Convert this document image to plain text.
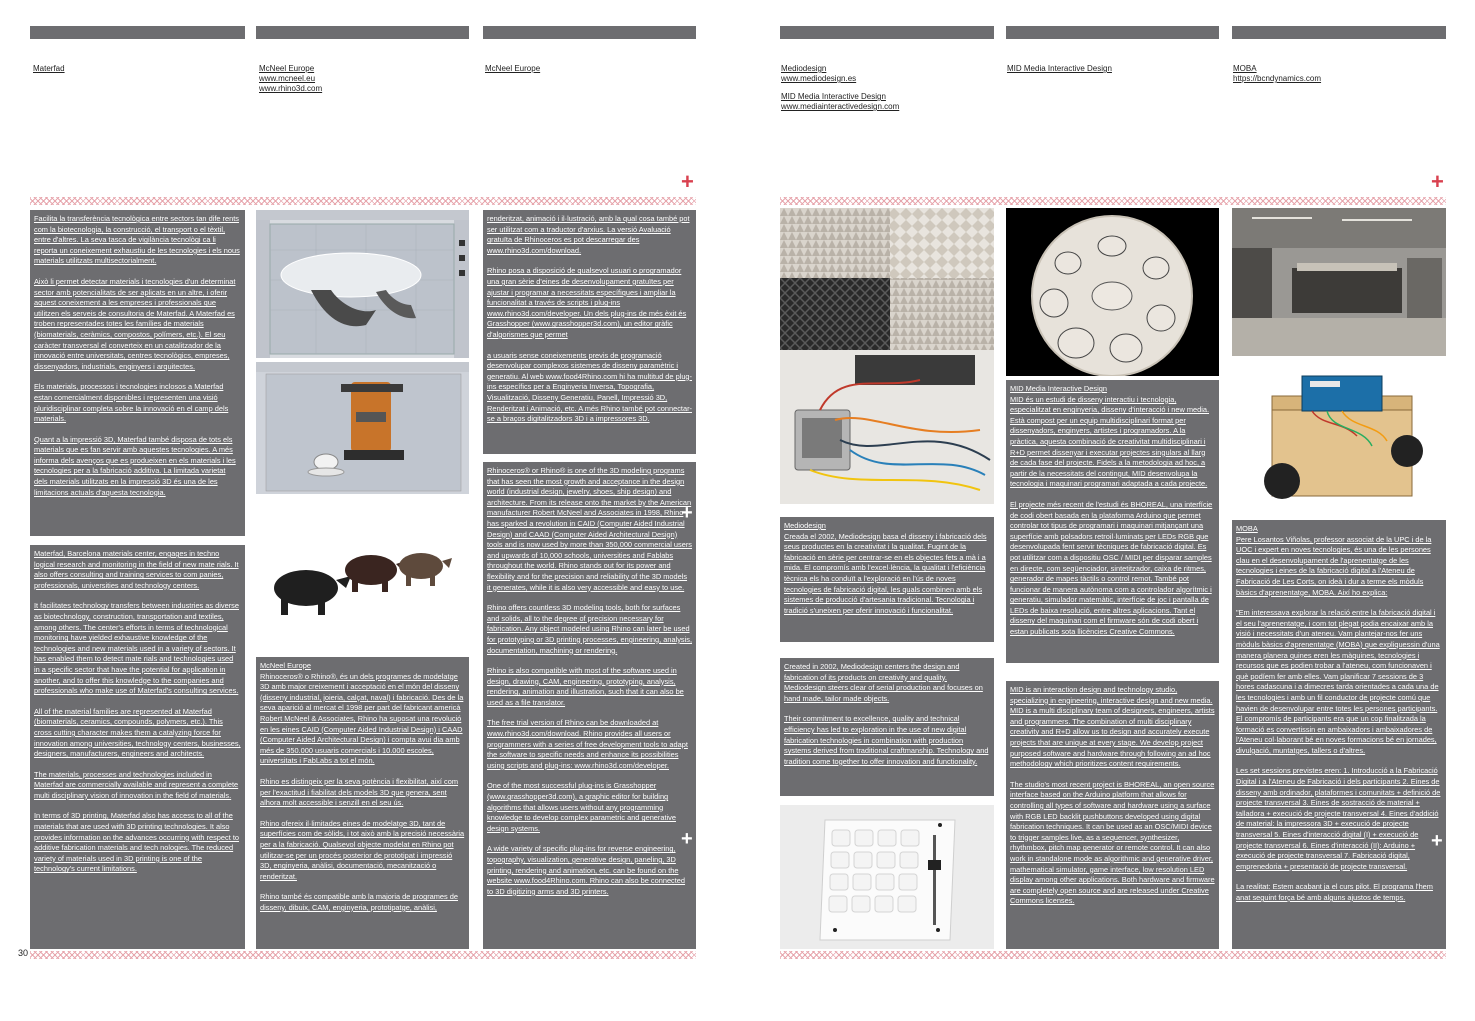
Materfad	McNeel Europe
www.mcneel.eu
www.rhino3d.com
McNeel Europe	Mediodesign
www.mediodesign.es
MID Media Interactive Design
www.mediainteractivedesign.com
MID Media Interactive Design	MOBA
https://bcndynamics.com
+	+

Facilita la transferència tecnològica entre sectors tan dife rents com la biotecnologia, la construcció, el transport o el tèxtil, entre d'altres. La seva tasca de vigilància tecnològi ca li reporta un coneixement exhaustiu de les tecnologies i els nous materials utilitzats multisectorialment.

Això li permet detectar materials i tecnologies d'un determinat sector amb potencialitats de ser aplicats en un altre, i oferir aquest coneixement a les empreses i professionals que utilitzen els serveis de consultoria de Materfad. A Materfad es troben representades totes les famílies de materials (biomaterials, ceràmics, compostos, polímers, etc.). El seu caràcter transversal el converteix en un catalitzador de la innovació entre universitats, centres tecnològics, empreses, dissenyadors, industrials, enginyers i arquitectes.

Els materials, processos i tecnologies inclosos a Materfad estan comercialment disponibles i representen una visió pluridisciplinar completa sobre la innovació en el camp dels materials.

Quant a la impressió 3D, Materfad també disposa de tots els materials que es fan servir amb aquestes tecnologies. A més informa dels avenços que es produeixen en els materials i les tecnologies per a la fabricació additiva. La limitada varietat dels materials utilitzats en la impressió 3D és una de les limitacions actuals d'aquesta tecnologia.

Materfad, Barcelona materials center, engages in techno logical research and monitoring in the field of new mate rials. It also offers consulting and training services to com panies, professionals, universities and technology centers.

It facilitates technology transfers between industries as diverse as biotechnology, construction, transportation and textiles, among others. The center's efforts in terms of technological monitoring have yielded exhaustive knowledge of the technologies and new materials used in a variety of sectors. It has enabled them to detect mate rials and technologies used in a specific sector that have the potential for application in another, and to offer this knowledge to the companies and professionals who make use of Materfad's consulting services.

All of the material families are represented at Materfad (biomaterials, ceramics, compounds, polymers, etc.). This cross cutting character makes them a catalyzing force for innovation among universities, technology centers, businesses, designers, manufacturers, engineers and architects.

The materials, processes and technologies included in Materfad are commercially available and represent a complete multi disciplinary vision of innovation in the field of materials.

In terms of 3D printing, Materfad also has access to all of the materials that are used with 3D printing technologies. It also provides information on the advances occurring with respect to additive fabrication materials and tech nologies. The reduced variety of materials used in 3D printing is one of the technology's current limitations.

McNeel Europe

Rhinoceros® o Rhino®, és un dels programes de modelatge 3D amb major creixement i acceptació en el món del disseny (disseny industrial, joieria, calçat, naval) i fabricació. Des de la seva aparició al mercat el 1998 per part del fabricant americà Robert McNeel & Associates, Rhino ha suposat una revolució en les eines CAID (Computer Aided Industrial Design) i CAAD (Computer Aided Architectural Design) i compta avui dia amb més de 350.000 usuaris comercials i 10.000 escoles, universitats i FabLabs a tot el món.

Rhino es distingeix per la seva potència i flexibilitat, així com per l'exactitud i fiabilitat dels models 3D que genera, sent alhora molt accessible i senzill en el seu ús.

Rhino ofereix il·limitades eines de modelatge 3D, tant de superfícies com de sòlids, i tot això amb la precisió necessària per a la fabricació. Qualsevol objecte modelat en Rhino pot utilitzar-se per un procés posterior de prototipat i impressió 3D, enginyeria, anàlisi, documentació, mecanització o renderitzat.

Rhino també és compatible amb la majoria de programes de disseny, dibuix, CAM, enginyeria, prototipatge, anàlisi,

renderitzat, animació i il·lustració, amb la qual cosa també pot ser utilitzat com a traductor d'arxius. La versió Avaluació gratuïta de Rhinoceros es pot descarregar des www.rhino3d.com/download.

Rhino posa a disposició de qualsevol usuari o programador una gran sèrie d'eines de desenvolupament gratuïtes per ajustar i programar a necessitats específiques i ampliar la funcionalitat a través de scripts i plug-ins www.rhino3d.com/developer. Un dels plug-ins de més èxit és Grasshopper (www.grasshopper3d.com), un editor gràfic d'algorismes que permet

a usuaris sense coneixements previs de programació desenvolupar complexos sistemes de disseny paramètric i generatiu. Al web www.food4Rhino.com hi ha multitud de plug-ins específics per a Enginyeria Inversa, Topografia, Visualització, Disseny Generatiu, Panell, Impressió 3D, Renderitzat i Animació, etc. A més Rhino també pot connectar-se a braços digitalitzadors 3D i a impressores 3D.

Rhinoceros® or Rhino® is one of the 3D modeling programs that has seen the most growth and acceptance in the design world (industrial design, jewelry, shoes, ship design) and architecture. From its release onto the market by the American manufacturer Robert McNeel and Associates in 1998, Rhino has sparked a revolution in CAID (Computer Aided Industrial Design) and CAAD (Computer Aided Architectural Design) tools and is now used by more than 350,000 commercial users and upwards of 10,000 schools, universities and Fablabs throughout the world. Rhino stands out for its power and flexibility and for the precision and reliability of the 3D models it generates, while it is also very accessible and easy to use.

Rhino offers countless 3D modeling tools, both for surfaces and solids, all to the degree of precision necessary for fabrication. Any object modeled using Rhino can later be used for prototyping or 3D printing processes, engineering, analysis, documentation, machining or rendering.

Rhino is also compatible with most of the software used in design, drawing, CAM, engineering, prototyping, analysis, rendering, animation and illustration, such that it can also be used as a file translator.

The free trial version of Rhino can be downloaded at www.rhino3d.com/download. Rhino provides all users or programmers with a series of free development tools to adapt the software to specific needs and enhance its possibilities using scripts and plug-ins: www.rhino3d.com/developer.

One of the most successful plug-ins is Grasshopper (www.grasshopper3d.com), a graphic editor for building algorithms that allows users without any programming knowledge to develop complex parametric and generative design systems.

A wide variety of specific plug-ins for reverse engineering, topography, visualization, generative design, paneling, 3D printing, rendering and animation, etc. can be found on the website www.food4Rhino.com. Rhino can also be connected to 3D digitizing arms and 3D printers.

+
+

Mediodesign

Creada el 2002, Mediodesign basa el disseny i fabricació dels seus productes en la creativitat i la qualitat. Fugint de la fabricació en sèrie per centrar-se en els objectes fets a mà i a mida. El compromís amb l'excel·lència, la qualitat i l'eficiència tècnica els ha conduït a l'exploració en l'ús de noves tecnologies de fabricació digital, les quals combinen amb els sistemes de producció d'artesania tradicional. Tecnologia i tradició s'uneixen per oferir innovació i funcionalitat.

Created in 2002, Mediodesign centers the design and fabrication of its products on creativity and quality. Mediodesign steers clear of serial production and focuses on hand made, tailor made objects.

Their commitment to excellence, quality and technical efficiency has led to exploration in the use of new digital fabrication technologies in combination with production systems derived from traditional craftmanship. Technology and tradition come together to offer innovation and functionality.

MID Media Interactive Design

MID és un estudi de disseny interactiu i tecnologia, especialitzat en enginyeria, disseny d'interacció i new media. Està compost per un equip multidisciplinari format per dissenyadors, enginyers, artistes i programadors. A la pràctica, aquesta combinació de creativitat multidisciplinari i R+D permet dissenyar i executar projectes singulars al llarg de cada fase del projecte. Fidels a la metodologia ad hoc, a partir de la necessitats del contingut, MID desenvolupa la tecnologia i maquinari programari adaptada a cada projecte.

El projecte més recent de l'estudi és BHOREAL, una interfície de codi obert basada en la plataforma Arduino que permet controlar tot tipus de programari i maquinari mitjançant una superfície amb polsadors retroil·luminats per LEDs RGB que desenvolupada fent servir tècniques de fabricació digital. Es pot utilitzar com a dispositiu OSC / MIDI per disparar samples en directe, com seqüenciador, sintetitzador, caixa de ritmes, generador de mapes tàctils o control remot. També pot funcionar de manera autònoma com a controlador algorítmic i generatiu, simulador matemàtic, interfície de joc i pantalla de LEDs de baixa resolució, entre altres aplicacions. Tant el disseny del maquinari com el firmware són de codi obert i estan publicats sota llicències Creative Commons.

MID is an interaction design and technology studio, specializing in engineering, interactive design and new media. MID is a multi disciplinary team of designers, engineers, artists and programmers. The combination of multi disciplinary creativity and R+D allow us to design and accurately execute projects that are unique at every stage. We develop project purposed software and hardware through following an ad hoc methodology which prioritizes content requirements.

The studio's most recent project is BHOREAL, an open source interface based on the Arduino platform that allows for controlling all types of software and hardware using a surface with RGB LED backlit pushbuttons developed using digital fabrication techniques. It can be used as an OSC/MIDI device to trigger samples live, as a sequencer, synthesizer, rhythmbox, pitch map generator or remote control. It can also work in standalone mode as algorithmic and generative driver, mathematical simulator, game interface, low resolution LED display among other applications. Both hardware and firmware are completely open source and are released under Creative Commons licenses.

MOBA

Pere Losantos Viñolas, professor associat de la UPC i de la UOC i expert en noves tecnologies, és una de les persones clau en el desenvolupament de l'aprenentatge de les tecnologies i eines de la fabricació digital a l'Ateneu de Fabricació de Les Corts, on ideà i dur a terme els mòduls bàsics d'aprenentatge, MOBA. Així ho explica:

"Em interessava explorar la relació entre la fabricació digital i el seu l'aprenentatge, i com tot plegat podia encaixar amb la visió i necessitats d'un ateneu. Vam plantejar-nos fer uns mòduls bàsics d'aprenentatge (MOBA) que expliquessin d'una manera planera quines eren les màquines, tecnologies i recursos que es podien trobar a l'ateneu, com funcionaven i què podíem fer amb elles. Vam planificar 7 sessions de 3 hores cadascuna i a dimecres tarda orientades a cada una de les tecnologies i amb un fil conductor de projecte comú que havien de desenvolupar entre totes les persones participants. El compromís de participants era que un cop finalitzada la formació es convertissin en ambaixadors i ambaixadores de l'Ateneu col·laborant bé en noves formacions bé en jornades, divulgació, muntatges, tallers o d'altres.

Les set sessions previstes eren: 1. Introducció a la Fabricació Digital i a l'Ateneu de Fabricació i dels participants 2. Eines de disseny amb ordinador, plataformes i comunitats + definició de projecte transversal 3. Eines de sostracció de material + talladora + execució de projecte transversal 4. Eines d'addició de material: la impressora 3D + execució de projecte transversal 5. Eines d'interacció digital (I) + execució de projecte transversal 6. Eines d'interacció (II): Arduino + execució de projecte transversal 7. Fabricació digital, emprenedoria + presentació de projecte transversal.

La realitat: Estem acabant ja el curs pilot. El programa l'hem anat seguint força bé amb alguns ajustos de temps.

+
+
30
